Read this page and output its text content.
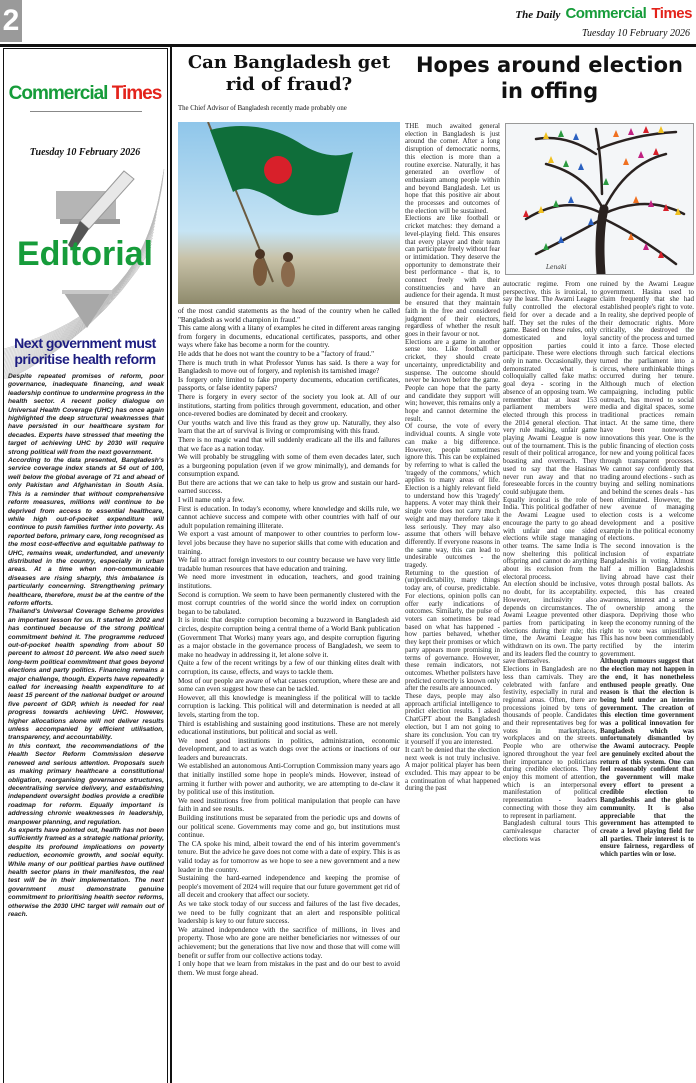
2	The Daily Commercial Times
Tuesday 10 February 2026
Commercial Times
Tuesday 10 February 2026
Editorial
Next government must prioritise health reform

Despite repeated promises of reform, poor governance, inadequate financing, and weak leadership continue to undermine progress in the health sector. A recent policy dialogue on Universal Health Coverage (UHC) has once again highlighted the deep structural weaknesses that have persisted in our healthcare system for decades. Experts have stressed that meeting the target of achieving UHC by 2030 will require strong political will from the next government.

According to the data presented, Bangladesh's service coverage index stands at 54 out of 100, well below the global average of 71 and ahead of only Pakistan and Afghanistan in South Asia. This is a reminder that without comprehensive reform measures, millions will continue to be deprived from access to essential healthcare, while high out-of-pocket expenditure will continue to push families further into poverty. As reported before, primary care, long recognised as the most cost-effective and equitable pathway to UHC, remains weak, underfunded, and unevenly distributed in the country, especially in urban areas. At a time when non-communicable diseases are rising sharply, this imbalance is particularly concerning. Strengthening primary healthcare, therefore, must be at the centre of the reform efforts.

Thailand's Universal Coverage Scheme provides an important lesson for us. It started in 2002 and has continued because of the strong political commitment behind it. The programme reduced out-of-pocket health spending from about 50 percent to almost 10 percent. We also need such long-term political commitment that goes beyond elections and party politics. Financing remains a major challenge, though. Experts have repeatedly called for increasing health expenditure to at least 15 percent of the national budget or around five percent of GDP, which is needed for real progress towards achieving UHC. However, higher allocations alone will not deliver results unless accompanied by efficient utilisation, transparency, and accountability.

In this context, the recommendations of the Health Sector Reform Commission deserve renewed and serious attention. Proposals such as making primary healthcare a constitutional obligation, reorganising governance structures, decentralising service delivery, and establishing independent oversight bodies provide a credible roadmap for reform. Equally important is addressing chronic weaknesses in leadership, manpower planning, and regulation.

As experts have pointed out, health has not been sufficiently framed as a strategic national priority, despite its profound implications on poverty reduction, economic growth, and social equity. While many of our political parties have outlined health sector plans in their manifestos, the real test will be in their implementation. The next government must demonstrate genuine commitment to prioritising health sector reforms, otherwise the 2030 UHC target will remain out of reach.

Can Bangladesh get rid of fraud?
The Chief Advisor of Bangladesh recently made probably one

of the most candid statements as the head of the country when he called "Bangladesh as world champion in fraud."

This came along with a litany of examples he cited in different areas ranging from forgery in documents, educational certificates, passports, and other ways where fake has become a norm for the country.

He adds that he does not want the country to be a "factory of fraud."

There is much truth in what Professor Yunus has said. Is there a way for Bangladesh to move out of forgery, and replenish its tarnished image?

Is forgery only limited to fake property documents, education certificates, passports, or false identity papers?

There is forgery in every sector of the society you look at. All of our institutions, starting from politics through government, education, and other once-revered bodies are dominated by deceit and crookery.

Our youths watch and live this fraud as they grow up. Naturally, they also learn that the art of survival is living or compromising with this fraud.

There is no magic wand that will suddenly eradicate all the ills and failures that we face as a nation today.

We will probably be struggling with some of them even decades later, such as a burgeoning population (even if we grow minimally), and demands for consumption expand.

But there are actions that we can take to help us grow and sustain our hard-earned success.

I will name only a few.

First is education. In today's economy, where knowledge and skills rule, we cannot achieve success and compete with other countries with half of our adult population remaining illiterate.

We export a vast amount of manpower to other countries to perform low-level jobs because they have no superior skills that come with education and training.

We fail to attract foreign investors to our country because we have very little tradable human resources that have education and training.

We need more investment in education, teachers, and good training institutions.

Second is corruption. We seem to have been permanently clustered with the most corrupt countries of the world since the world index on corruption began to be tabulated.

It is ironic that despite corruption becoming a buzzword in Bangladesh aid circles, despite corruption being a central theme of a World Bank publication (Government That Works) many years ago, and despite corruption figuring as a major obstacle in the governance process of Bangladesh, we seem to make no headway in addressing it, let alone solve it.

Quite a few of the recent writings by a few of our thinking elites dealt with corruption, its cause, effects, and ways to tackle them.

Most of our people are aware of what causes corruption, where these are and some can even suggest how these can be tackled.

However, all this knowledge is meaningless if the political will to tackle corruption is lacking. This political will and determination is needed at all levels, starting from the top.

Third is establishing and sustaining good institutions. These are not merely educational institutions, but political and social as well.

We need good institutions in politics, administration, economic development, and to act as watch dogs over the actions or inactions of our leaders and bureaucrats.

We established an autonomous Anti-Corruption Commission many years ago that initially instilled some hope in people's minds. However, instead of arming it further with power and authority, we are attempting to de-claw it by political use of this institution.

We need institutions free from political manipulation that people can have faith in and see results.

Building institutions must be separated from the periodic ups and downs of our political scene. Governments may come and go, but institutions must continue.

The CA spoke his mind, albeit toward the end of his interim government's tenure. But the advice he gave does not come with a date of expiry. This is as valid today as for tomorrow as we hope to see a new government and a new leader in the country.

Sustaining the hard-earned independence and keeping the promise of people's movement of 2024 will require that our future government get rid of all deceit and crookery that affect our society.

As we take stock today of our success and failures of the last five decades, we need to be fully cognizant that an alert and responsible political leadership is key to our future success.

We attained independence with the sacrifice of millions, in lives and property. Those who are gone are neither beneficiaries nor witnesses of our achievement; but the generations that live now and those that will come will benefit or suffer from our collective actions today.

I only hope that we learn from mistakes in the past and do our best to avoid them. We must forge ahead.

Hopes around election in offing

THE much awaited general election in Bangladesh is just around the corner. After a long disruption of democratic norms, this election is more than a routine exercise. Naturally, it has generated an overflow of enthusiasm among people within and beyond Bangladesh. Let us hope that this positive air about the processes and outcomes of the election will be sustained.

Elections are like football or cricket matches: they demand a level-playing field. This ensures that every player and their team can participate freely without fear or intimidation. They deserve the opportunity to demonstrate their best performance - that is, to connect freely with their constituencies and have an audience for their agenda. It must be ensured that they maintain faith in the free and considered judgment of their electors, regardless of whether the result goes in their favour or not.

Elections are a game in another sense too. Like football or cricket, they should create uncertainty, unpredictability and suspense. The outcome should never be known before the game. People can hope that the party and candidate they support will win; however, this remains only a hope and cannot determine the result.

Of course, the vote of every individual counts. A single vote can make a big difference. However, people sometimes ignore this. This can be explained by referring to what is called the 'tragedy of the commons,' which applies to many areas of life. Election is a highly relevant field to understand how this 'tragedy' happens. A voter may think their single vote does not carry much weight and may therefore take it less seriously. They may also assume that others will behave differently. If everyone reasons in the same way, this can lead to undesirable outcomes - the tragedy.

Returning to the question of (un)predictability, many things today are, of course, predictable. For elections, opinion polls can offer early indications of outcomes. Similarly, the pulse of voters can sometimes be read based on what has happened - how parties behaved, whether they kept their promises or which party appears more promising in terms of governance. However, these remain indicators, not outcomes. Whether pollsters have predicted correctly is known only after the results are announced.

These days, people may also approach artificial intelligence to predict election results. I asked ChatGPT about the Bangladesh election, but I am not going to share its conclusion. You can try it yourself if you are interested.

It can't be denied that the election next week is not truly inclusive. A major political player has been excluded. This may appear to be a continuation of what happened during the past

Lenaki

autocratic regime. From one perspective, this is ironical, to say the least. The Awami League fully controlled the electoral field for over a decade and a half. They set the rules of the game. Based on these rules, only domesticated and loyal opposition parties could participate. These were elections only in name. Occasionally, they demonstrated what is colloquially called fake maths: goal deya - scoring in the absence of an opposing team. We remember that at least 153 parliament members were elected through this process in the 2014 general election. That very rule making, unfair game playing Awami League is now out of the tournament. This is the result of their political arrogance, boasting and overreach. They used to say that the Hasinas never run away and that no foreseeable forces in the country could subjugate them.

Equally ironical is the role of India. This political godfather of the Awami League used to encourage the party to go ahead with unfair and one sided elections while stage managing other teams. The same India is now sheltering this political offspring and cannot do anything about its exclusion from the electoral process.

An election should be inclusive, no doubt, for its acceptability. However, inclusivity also depends on circumstances. The Awami League prevented other parties from participating in elections during their rule; this time, the Awami League has withdrawn on its own. The party and its leaders fled the country to save themselves.

Elections in Bangladesh are no less than carnivals. They are celebrated with fanfare and festivity, especially in rural and regional areas. Often, there are processions joined by tens of thousands of people. Candidates and their representatives beg for votes in marketplaces, workplaces and on the streets. People who are otherwise ignored throughout the year feel their importance to politicians during credible elections. They enjoy this moment of attention, which is an interpersonal manifestation of political representation - leaders connecting with those they aim to represent in parliament.

Bangladesh cultural tours This carnivalesque character of elections was

ruined by the Awami League government. Hasina used to claim frequently that she had established people's right to vote. In reality, she deprived people of their democratic rights. More critically, she destroyed the sanctity of the process and turned it into a farce. Those elected through such farcical elections turned the parliament into a circus, where unthinkable things occurred during her tenure. Although much of election campaigning, including public outreach, has moved to social media and digital spaces, some traditional practices remain intact. At the same time, there have been noteworthy innovations this year. One is the public financing of election costs for new and young political faces through transparent processes. We cannot say confidently that trading around elections - such as buying and selling nominations and behind the scenes deals - has been eliminated. However, the new avenue of managing election costs is a welcome development and a positive example in the political economy of elections.

The second innovation is the inclusion of expatriate Bangladeshis in voting. Almost half a million Bangladeshis living abroad have cast their votes through postal ballots. As expected, this has created awareness, interest and a sense of ownership among the diaspora. Depriving those who keep the economy running of the right to vote was unjustified. This has now been commendably rectified by the interim government.

Although rumours suggest that the election may not happen in the end, it has nonetheless enthused people greatly. One reason is that the election is being held under an interim government. The creation of this election time government was a political innovation for Bangladesh which was unfortunately dismantled by the Awami autocracy. People are genuinely excited about the return of this system. One can feel reasonably confident that the government will make every effort to present a credible election to Bangladeshis and the global community. It is also appreciable that the government has attempted to create a level playing field for all parties. Their interest is to ensure fairness, regardless of which parties win or lose.
